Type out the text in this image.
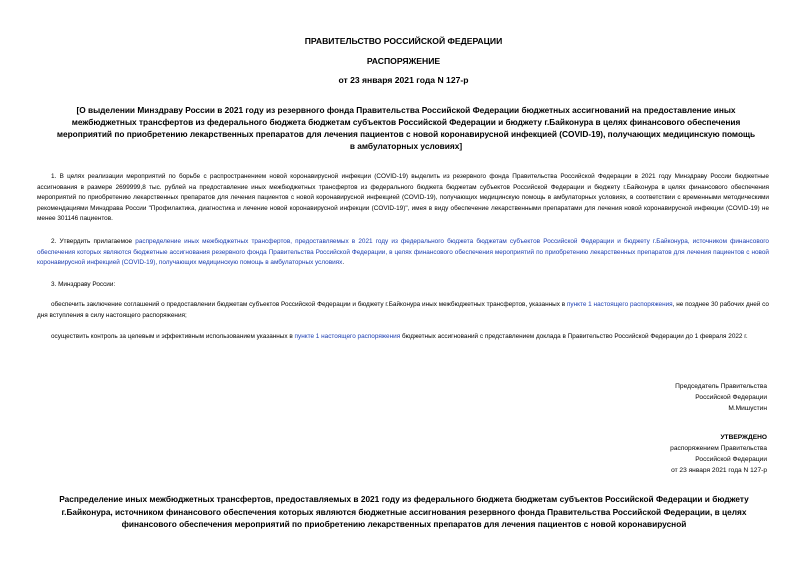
ПРАВИТЕЛЬСТВО РОССИЙСКОЙ ФЕДЕРАЦИИ
РАСПОРЯЖЕНИЕ
от 23 января 2021 года N 127-р
[О выделении Минздраву России в 2021 году из резервного фонда Правительства Российской Федерации бюджетных ассигнований на предоставление иных межбюджетных трансфертов из федерального бюджета бюджетам субъектов Российской Федерации и бюджету г.Байконура в целях финансового обеспечения мероприятий по приобретению лекарственных препаратов для лечения пациентов с новой коронавирусной инфекцией (COVID-19), получающих медицинскую помощь в амбулаторных условиях]
1. В целях реализации мероприятий по борьбе с распространением новой коронавирусной инфекции (COVID-19) выделить из резервного фонда Правительства Российской Федерации в 2021 году Минздраву России бюджетные ассигнования в размере 2699999,8 тыс. рублей на предоставление иных межбюджетных трансфертов из федерального бюджета бюджетам субъектов Российской Федерации и бюджету г.Байконура в целях финансового обеспечения мероприятий по приобретению лекарственных препаратов для лечения пациентов с новой коронавирусной инфекцией (COVID-19), получающих медицинскую помощь в амбулаторных условиях, в соответствии с временными методическими рекомендациями Минздрава России "Профилактика, диагностика и лечение новой коронавирусной инфекции (COVID-19)", имея в виду обеспечение лекарственными препаратами для лечения новой коронавирусной инфекции (COVID-19) не менее 301146 пациентов.
2. Утвердить прилагаемое распределение иных межбюджетных трансфертов, предоставляемых в 2021 году из федерального бюджета бюджетам субъектов Российской Федерации и бюджету г.Байконура, источником финансового обеспечения которых являются бюджетные ассигнования резервного фонда Правительства Российской Федерации, в целях финансового обеспечения мероприятий по приобретению лекарственных препаратов для лечения пациентов с новой коронавирусной инфекцией (COVID-19), получающих медицинскую помощь в амбулаторных условиях.
3. Минздраву России:
обеспечить заключение соглашений о предоставлении бюджетам субъектов Российской Федерации и бюджету г.Байконура иных межбюджетных трансфертов, указанных в пункте 1 настоящего распоряжения, не позднее 30 рабочих дней со дня вступления в силу настоящего распоряжения;
осуществить контроль за целевым и эффективным использованием указанных в пункте 1 настоящего распоряжения бюджетных ассигнований с представлением доклада в Правительство Российской Федерации до 1 февраля 2022 г.
Председатель Правительства
Российской Федерации
М.Мишустин
УТВЕРЖДЕНО
распоряжением Правительства
Российской Федерации
от 23 января 2021 года N 127-р
Распределение иных межбюджетных трансфертов, предоставляемых в 2021 году из федерального бюджета бюджетам субъектов Российской Федерации и бюджету г.Байконура, источником финансового обеспечения которых являются бюджетные ассигнования резервного фонда Правительства Российской Федерации, в целях финансового обеспечения мероприятий по приобретению лекарственных препаратов для лечения пациентов с новой коронавирусной
